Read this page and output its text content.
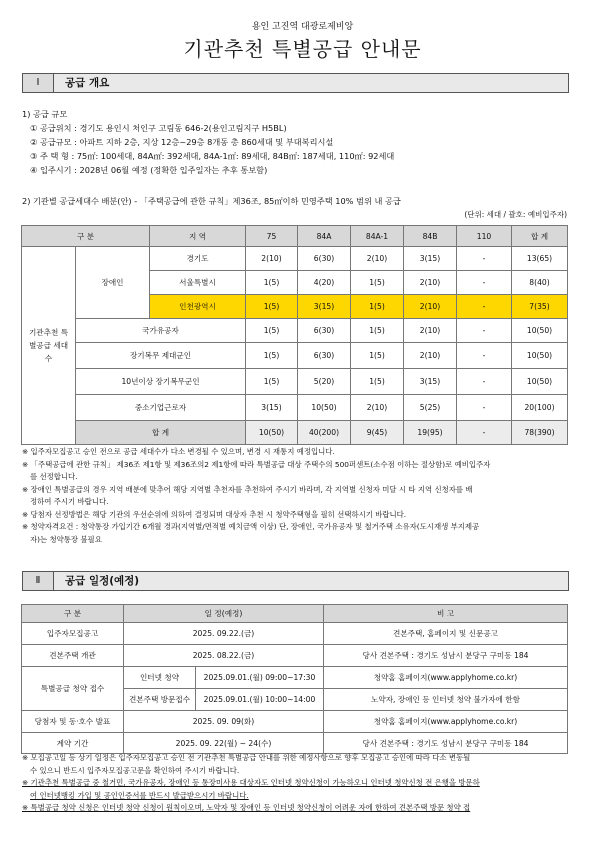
용인 고진역 대광로제비앙
기관추천 특별공급 안내문
Ⅰ	공급 개요
1) 공급 규모
① 공급위치 : 경기도 용인시 처인구 고림동 646-2(용인고림지구 H5BL)
② 공급규모 : 아파트 지하 2층, 지상 12층~29층 8개동 총 860세대 및 부대복리시설
③ 주 택 형 : 75㎡: 100세대, 84A㎡: 392세대, 84A-1㎡: 89세대, 84B㎡: 187세대, 110㎡: 92세대
④ 입주시기 : 2028년 06월 예정 (정확한 입주일자는 추후 통보함)
2) 기관별 공급세대수 배분(안) - 「주택공급에 관한 규칙」제36조, 85㎡이하 민영주택 10% 범위 내 공급
(단위: 세대 / 괄호: 예비입주자)
구 분		지 역	75	84A	84A-1	84B	110	합 계
기관추천 특별공급 세대수	장애인	경기도	2(10)	6(30)	2(10)	3(15)	-	13(65)
		서울특별시	1(5)	4(20)	1(5)	2(10)	-	8(40)
		인천광역시	1(5)	3(15)	1(5)	2(10)	-	7(35)
	국가유공자		1(5)	6(30)	1(5)	2(10)	-	10(50)
	장기복무 제대군인		1(5)	6(30)	1(5)	2(10)	-	10(50)
	10년이상 장기복무군인		1(5)	5(20)	1(5)	3(15)	-	10(50)
	중소기업근로자		3(15)	10(50)	2(10)	5(25)	-	20(100)
	합 계		10(50)	40(200)	9(45)	19(95)	-	78(390)
※ 입주자모집공고 승인 전으로 공급 세대수가 다소 변경될 수 있으며, 변경 시 재통지 예정입니다.
※ 「주택공급에 관한 규칙」 제36조 제1항 및 제36조의2 제1항에 따라 특별공급 대상 주택수의 500퍼센트(소수점 이하는 절상함)로 예비입주자
를 선정합니다.
※ 장애인 특별공급의 경우 지역 배분에 맞추어 해당 지역별 추천자를 추천하여 주시기 바라며, 각 지역별 신청자 미달 시 타 지역 신청자를 배
정하여 주시기 바랍니다.
※ 당첨자 선정방법은 해당 기관의 우선순위에 의하여 결정되며 대상자 추천 시 청약주택형을 필히 선택하시기 바랍니다.
※ 청약자격요건 : 청약통장 가입기간 6개월 경과(지역별/면적별 예치금액 이상) 단, 장애인, 국가유공자 및 철거주택 소유자(도시재생 부지제공
자)는 청약통장 불필요
Ⅱ	공급 일정(예정)
구 분	일 정(예정)		비 고
입주자모집공고	2025. 09.22.(금)		견본주택, 홈페이지 및 신문공고
견본주택 개관	2025. 08.22.(금)		당사 견본주택 : 경기도 성남시 분당구 구미동 184
특별공급 청약 접수	인터넷 청약	2025.09.01.(월) 09:00~17:30	청약홈 홈페이지(www.applyhome.co.kr)
	견본주택 방문접수	2025.09.01.(월) 10:00~14:00	노약자, 장애인 등 인터넷 청약 불가자에 한함
당첨자 및 동·호수 발표	2025. 09. 09(화)		청약홈 홈페이지(www.applyhome.co.kr)
계약 기간	2025. 09. 22(월) ~ 24(수)		당사 견본주택 : 경기도 성남시 분당구 구미동 184
※ 모집공고일 등 상기 일정은 입주자모집공고 승인 전 기관추천 특별공급 안내를 위한 예정사항으로 향후 모집공고 승인에 따라 다소 변동될
수 있으니 반드시 입주자모집공고문을 확인하여 주시기 바랍니다.
※ 기관추천 특별공급 중 철거민, 국가유공자, 장애인 등 통장미사용 대상자도 인터넷 청약신청이 가능하오니 인터넷 청약신청 전 은행을 방문하
여 인터넷뱅킹 가입 및 공인인증서를 반드시 발급받으시기 바랍니다.
※ 특별공급 청약 신청은 인터넷 청약 신청이 원칙이오며, 노약자 및 장애인 등 인터넷 청약신청이 어려운 자에 한하여 견본주택 방문 청약 접
